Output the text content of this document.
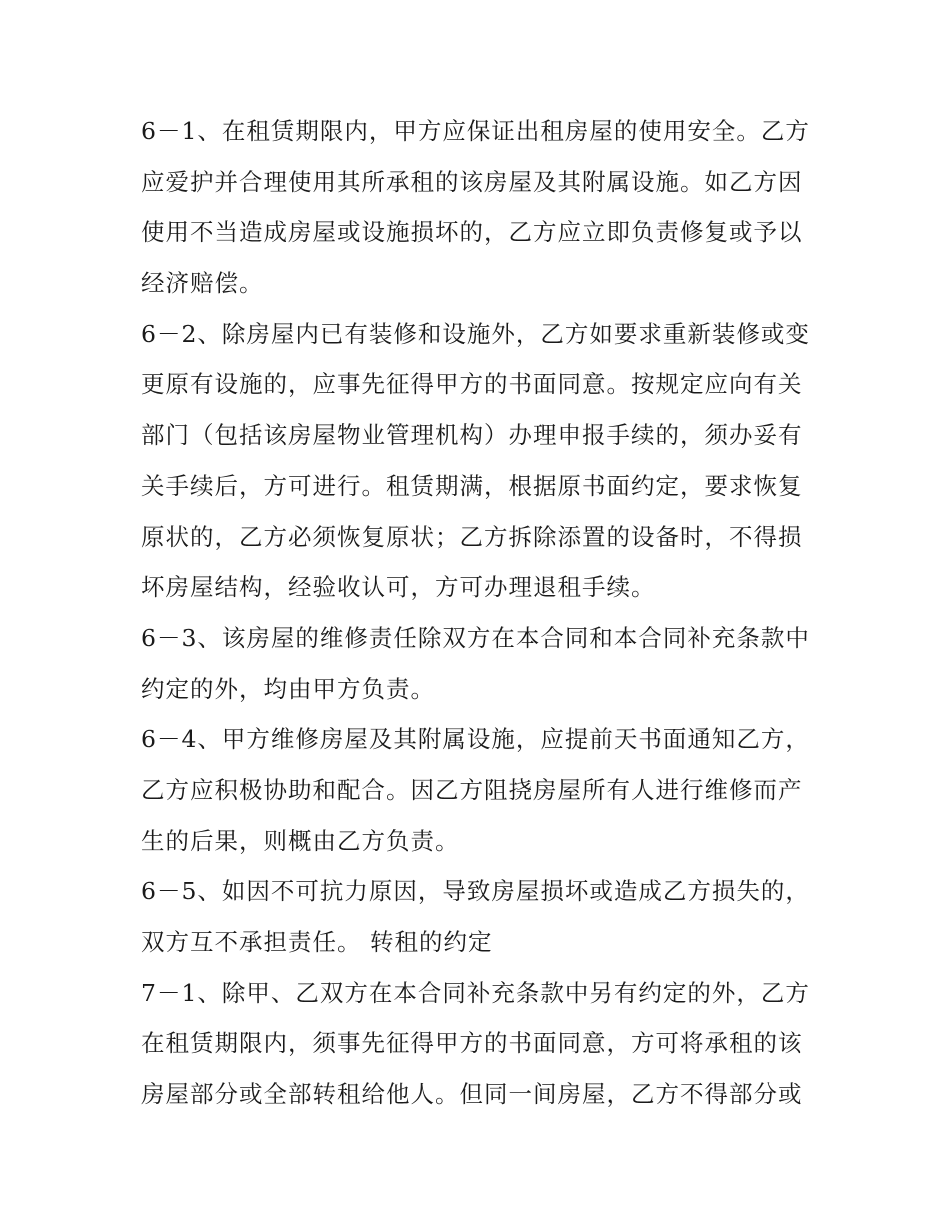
6－1、在租赁期限内，甲方应保证出租房屋的使用安全。乙方
应爱护并合理使用其所承租的该房屋及其附属设施。如乙方因
使用不当造成房屋或设施损坏的，乙方应立即负责修复或予以
经济赔偿。
6－2、除房屋内已有装修和设施外，乙方如要求重新装修或变
更原有设施的，应事先征得甲方的书面同意。按规定应向有关
部门（包括该房屋物业管理机构）办理申报手续的，须办妥有
关手续后，方可进行。租赁期满，根据原书面约定，要求恢复
原状的，乙方必须恢复原状；乙方拆除添置的设备时，不得损
坏房屋结构，经验收认可，方可办理退租手续。
6－3、该房屋的维修责任除双方在本合同和本合同补充条款中
约定的外，均由甲方负责。
6－4、甲方维修房屋及其附属设施，应提前天书面通知乙方，
乙方应积极协助和配合。因乙方阻挠房屋所有人进行维修而产
生的后果，则概由乙方负责。
6－5、如因不可抗力原因，导致房屋损坏或造成乙方损失的，
双方互不承担责任。 转租的约定
7－1、除甲、乙双方在本合同补充条款中另有约定的外，乙方
在租赁期限内，须事先征得甲方的书面同意，方可将承租的该
房屋部分或全部转租给他人。但同一间房屋，乙方不得部分或
